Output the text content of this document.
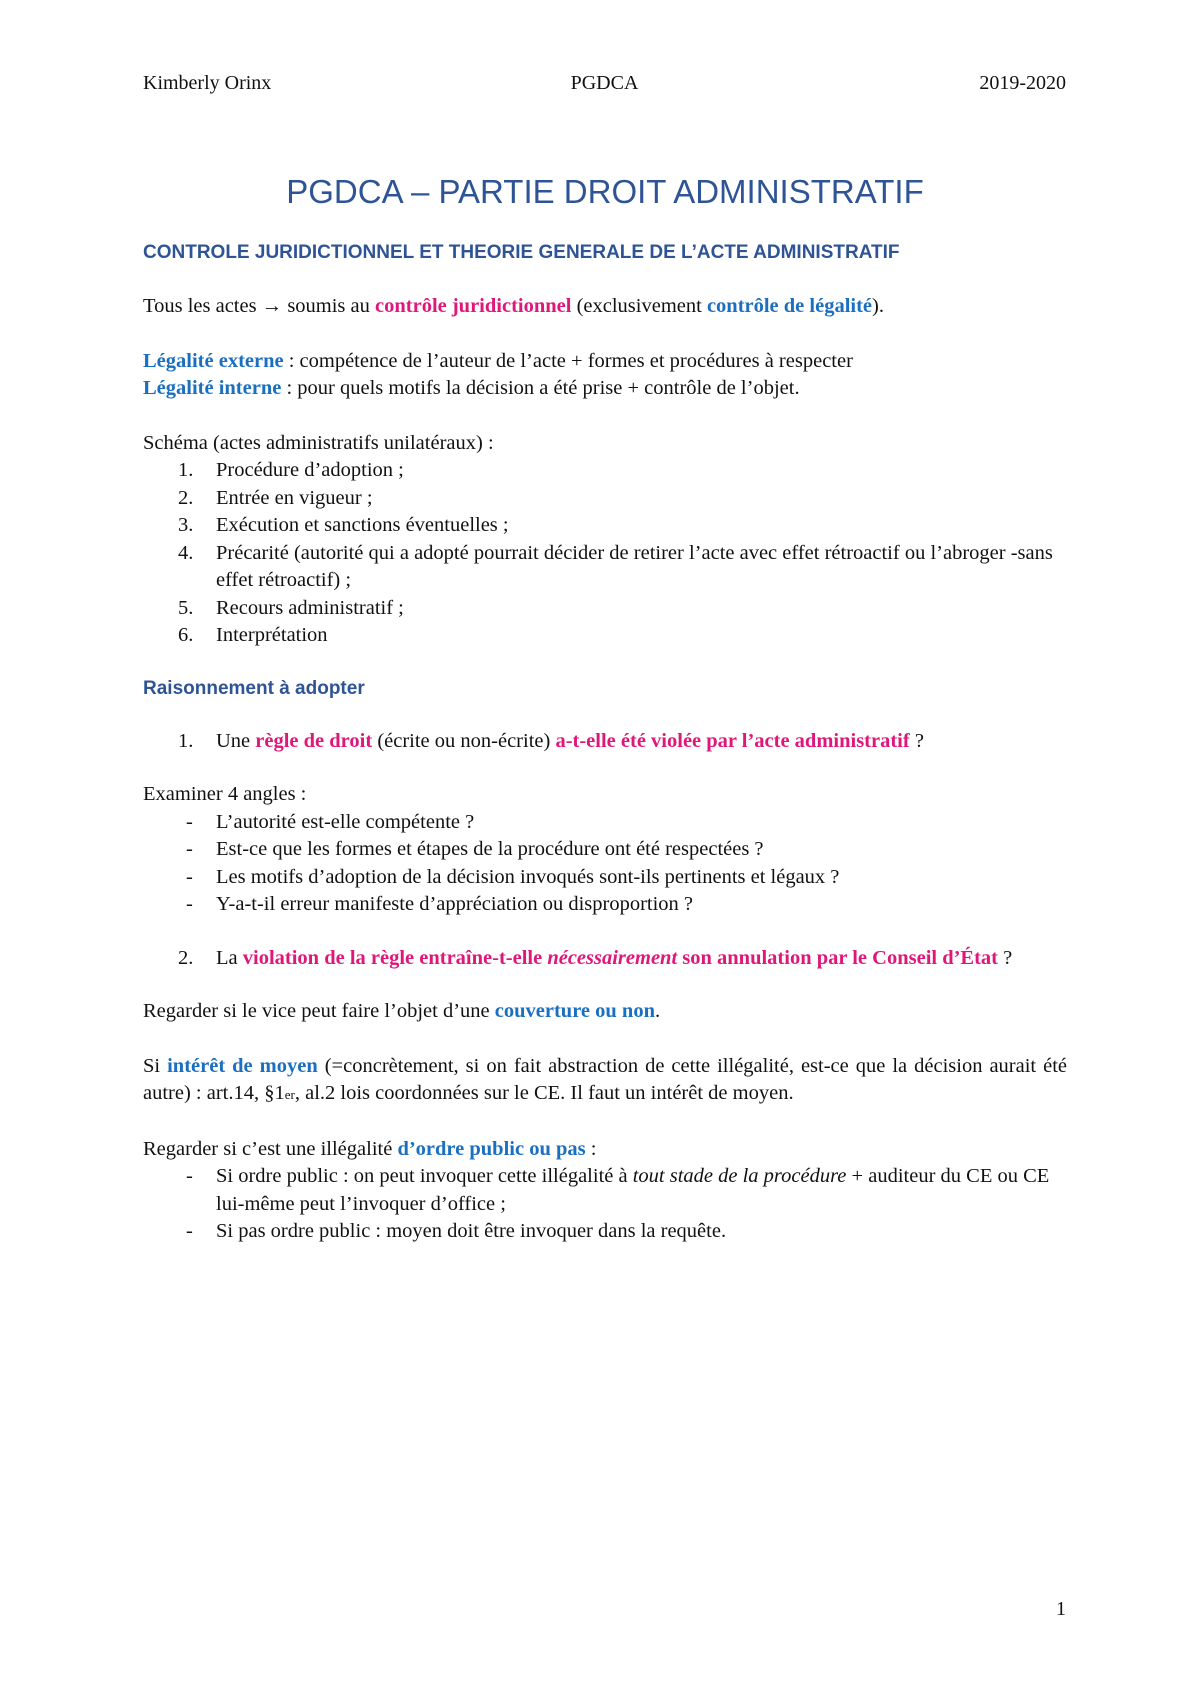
Kimberly Orinx	PGDCA	2019-2020
PGDCA – PARTIE DROIT ADMINISTRATIF
CONTROLE JURIDICTIONNEL ET THEORIE GENERALE DE L’ACTE ADMINISTRATIF

Tous les actes → soumis au contrôle juridictionnel (exclusivement contrôle de légalité).

Légalité externe : compétence de l’auteur de l’acte + formes et procédures à respecter

Légalité interne : pour quels motifs la décision a été prise + contrôle de l’objet.

Schéma (actes administratifs unilatéraux) :

1. Procédure d’adoption ;
2. Entrée en vigueur ;
3. Exécution et sanctions éventuelles ;
4. Précarité (autorité qui a adopté pourrait décider de retirer l’acte avec effet rétroactif ou l’abroger -sans effet rétroactif) ;
5. Recours administratif ;
6. Interprétation
Raisonnement à adopter
1. Une règle de droit (écrite ou non-écrite) a-t-elle été violée par l’acte administratif ?

Examiner 4 angles :

- L’autorité est-elle compétente ?
- Est-ce que les formes et étapes de la procédure ont été respectées ?
- Les motifs d’adoption de la décision invoqués sont-ils pertinents et légaux ?
- Y-a-t-il erreur manifeste d’appréciation ou disproportion ?
2. La violation de la règle entraîne-t-elle nécessairement son annulation par le Conseil d’État ?

Regarder si le vice peut faire l’objet d’une couverture ou non.

Si intérêt de moyen (=concrètement, si on fait abstraction de cette illégalité, est-ce que la décision aurait été autre) : art.14, §1er, al.2 lois coordonnées sur le CE. Il faut un intérêt de moyen.

Regarder si c’est une illégalité d’ordre public ou pas :

- Si ordre public : on peut invoquer cette illégalité à tout stade de la procédure + auditeur du CE ou CE lui-même peut l’invoquer d’office ;
- Si pas ordre public : moyen doit être invoquer dans la requête.
1
